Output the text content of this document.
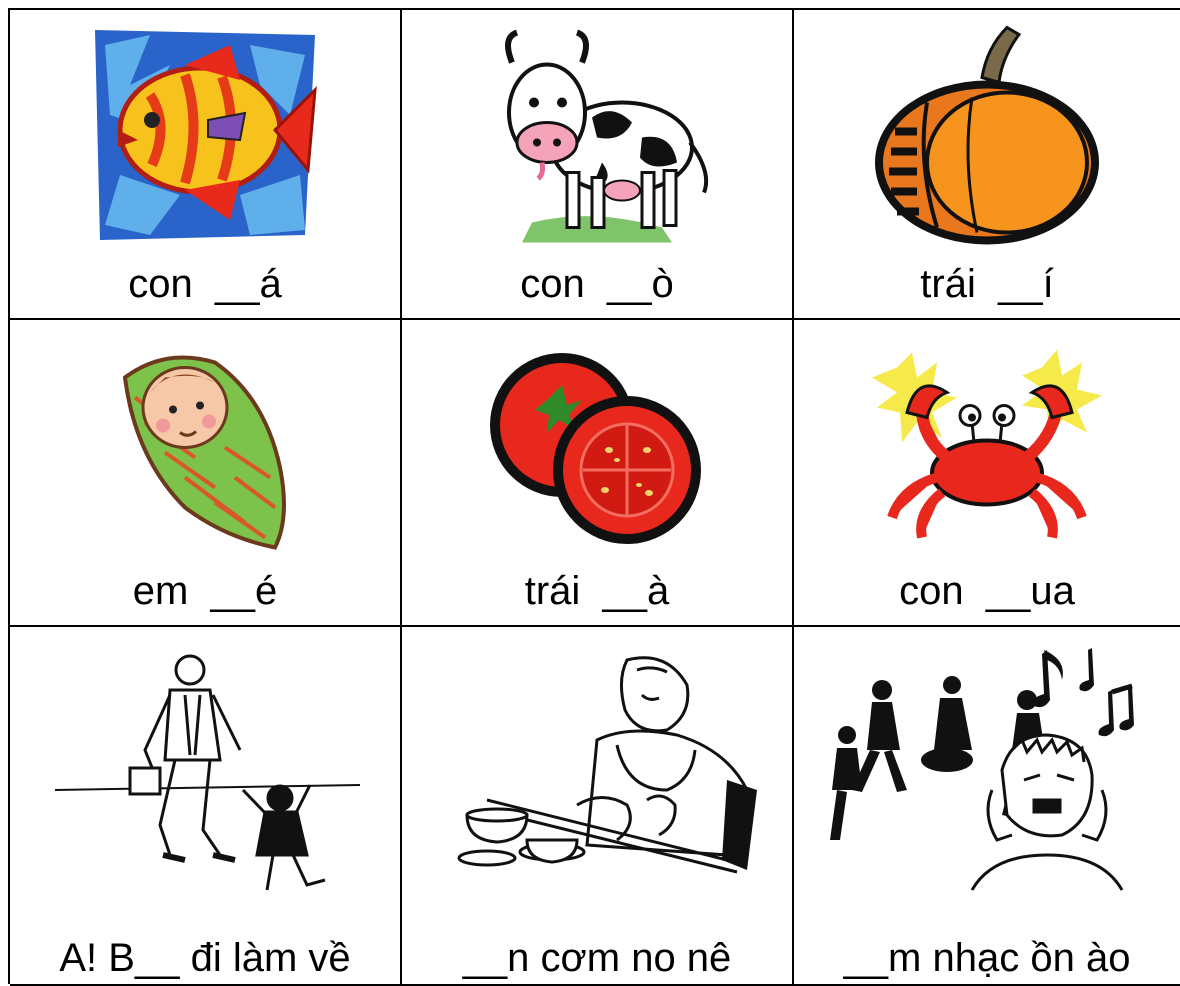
con  __á	con  __ò	trái  __í
em  __é	trái  __à	con  __ua
A! B__ đi làm về	__n cơm no nê	__m nhạc ồn ào
